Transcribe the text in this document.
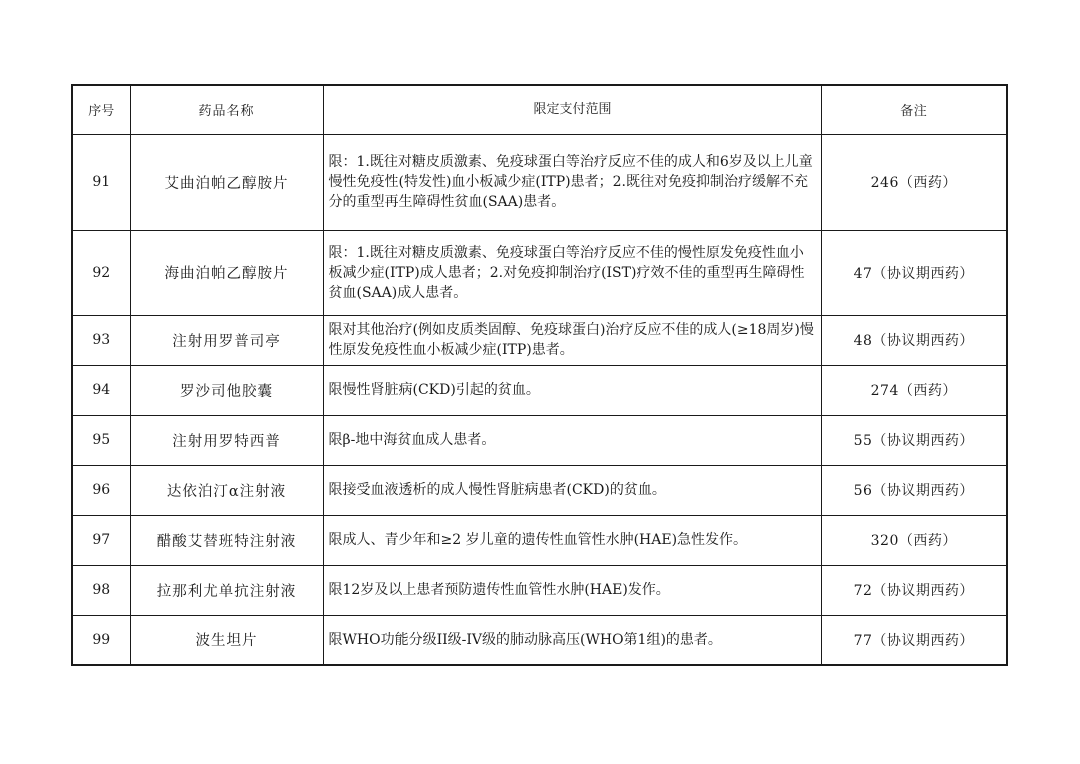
序号	药品名称	限定支付范围	备注
91	艾曲泊帕乙醇胺片	限：1.既往对糖皮质激素、免疫球蛋白等治疗反应不佳的成人和6岁及以上儿童慢性免疫性(特发性)血小板减少症(ITP)患者；2.既往对免疫抑制治疗缓解不充分的重型再生障碍性贫血(SAA)患者。	246（西药）
92	海曲泊帕乙醇胺片	限：1.既往对糖皮质激素、免疫球蛋白等治疗反应不佳的慢性原发免疫性血小板减少症(ITP)成人患者；2.对免疫抑制治疗(IST)疗效不佳的重型再生障碍性贫血(SAA)成人患者。	47（协议期西药）
93	注射用罗普司亭	限对其他治疗(例如皮质类固醇、免疫球蛋白)治疗反应不佳的成人(≥18周岁)慢性原发免疫性血小板减少症(ITP)患者。	48（协议期西药）
94	罗沙司他胶囊	限慢性肾脏病(CKD)引起的贫血。	274（西药）
95	注射用罗特西普	限β-地中海贫血成人患者。	55（协议期西药）
96	达依泊汀α注射液	限接受血液透析的成人慢性肾脏病患者(CKD)的贫血。	56（协议期西药）
97	醋酸艾替班特注射液	限成人、青少年和≥2 岁儿童的遗传性血管性水肿(HAE)急性发作。	320（西药）
98	拉那利尤单抗注射液	限12岁及以上患者预防遗传性血管性水肿(HAE)发作。	72（协议期西药）
99	波生坦片	限WHO功能分级II级-IV级的肺动脉高压(WHO第1组)的患者。	77（协议期西药）
